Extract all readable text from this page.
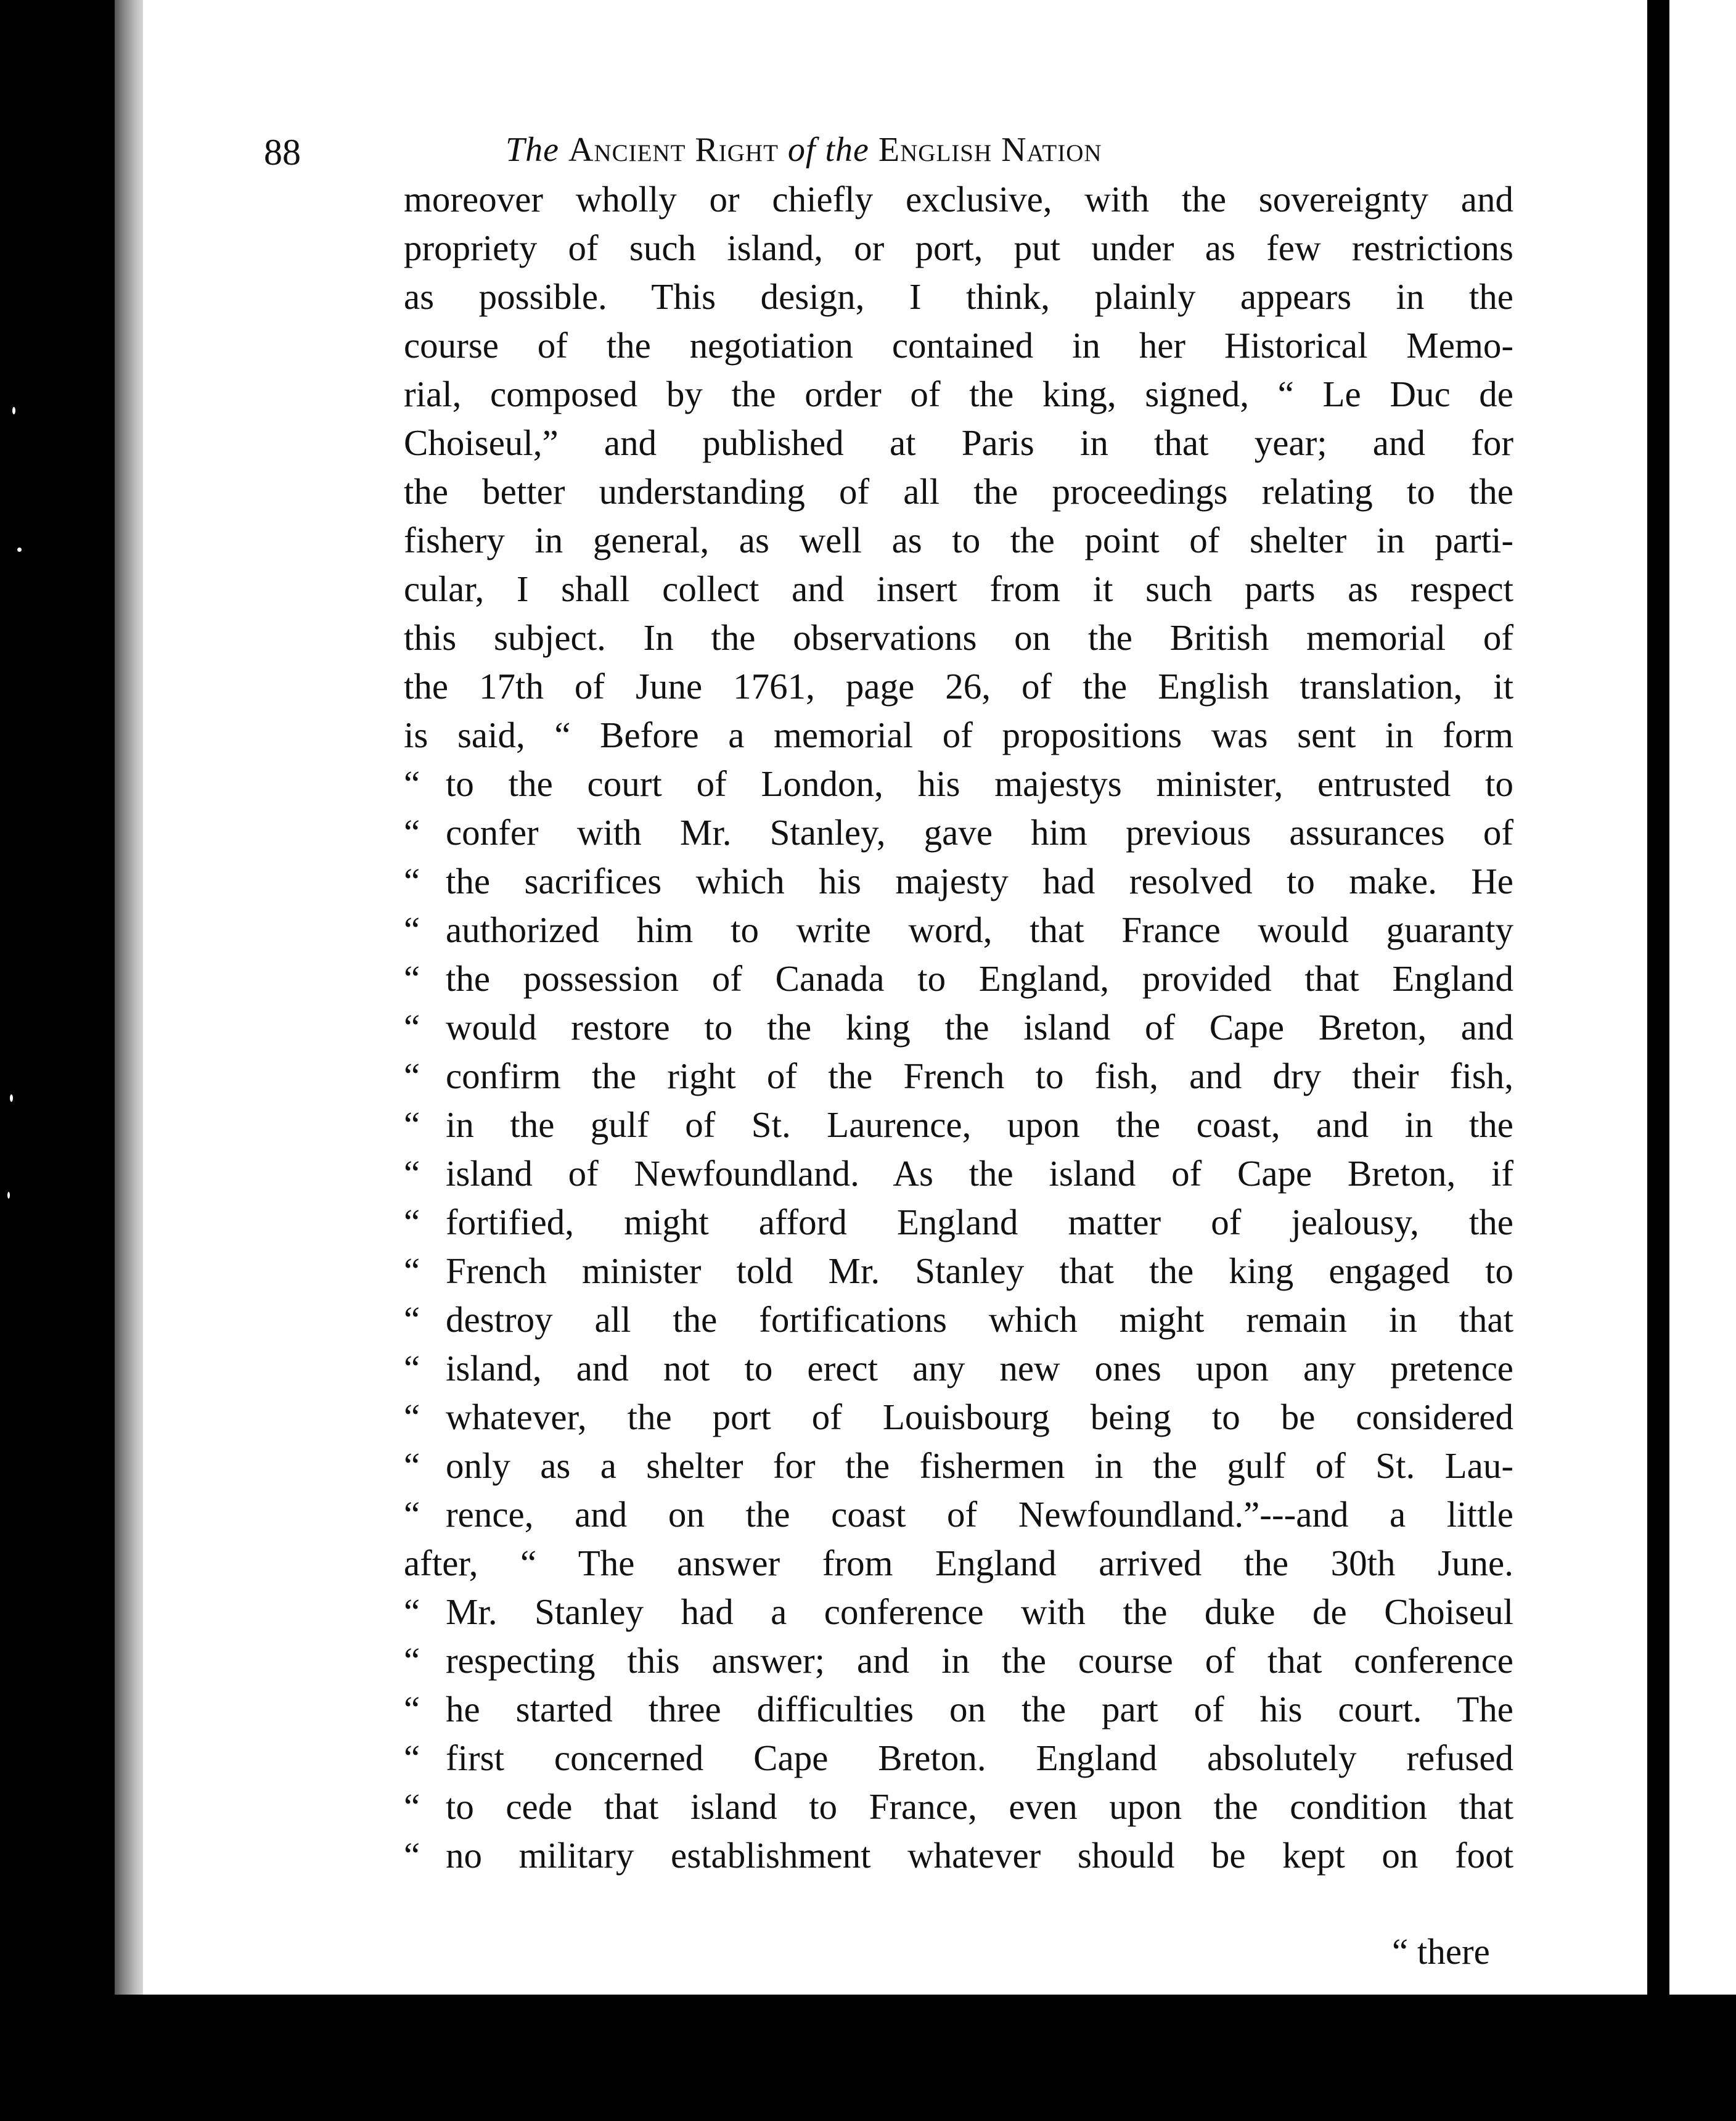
88	The Ancient Right of the English Nation
moreover wholly or chiefly exclusive, with the sovereignty and
propriety of such island, or port, put under as few restrictions
as possible. This design, I think, plainly appears in the
course of the negotiation contained in her Historical Memo-
rial, composed by the order of the king, signed, “ Le Duc de
Choiseul,” and published at Paris in that year; and for
the better understanding of all the proceedings relating to the
fishery in general, as well as to the point of shelter in parti-
cular, I shall collect and insert from it such parts as respect
this subject. In the observations on the British memorial of
the 17th of June 1761, page 26, of the English translation, it
is said, “ Before a memorial of propositions was sent in form
“ to the court of London, his majestys minister, entrusted to
“ confer with Mr. Stanley, gave him previous assurances of
“ the sacrifices which his majesty had resolved to make. He
“ authorized him to write word, that France would guaranty
“ the possession of Canada to England, provided that England
“ would restore to the king the island of Cape Breton, and
“ confirm the right of the French to fish, and dry their fish,
“ in the gulf of St. Laurence, upon the coast, and in the
“ island of Newfoundland. As the island of Cape Breton, if
“ fortified, might afford England matter of jealousy, the
“ French minister told Mr. Stanley that the king engaged to
“ destroy all the fortifications which might remain in that
“ island, and not to erect any new ones upon any pretence
“ whatever, the port of Louisbourg being to be considered
“ only as a shelter for the fishermen in the gulf of St. Lau-
“ rence, and on the coast of Newfoundland.”---and a little
after, “ The answer from England arrived the 30th June.
“ Mr. Stanley had a conference with the duke de Choiseul
“ respecting this answer; and in the course of that conference
“ he started three difficulties on the part of his court. The
“ first concerned Cape Breton. England absolutely refused
“ to cede that island to France, even upon the condition that
“ no military establishment whatever should be kept on foot
“ there
